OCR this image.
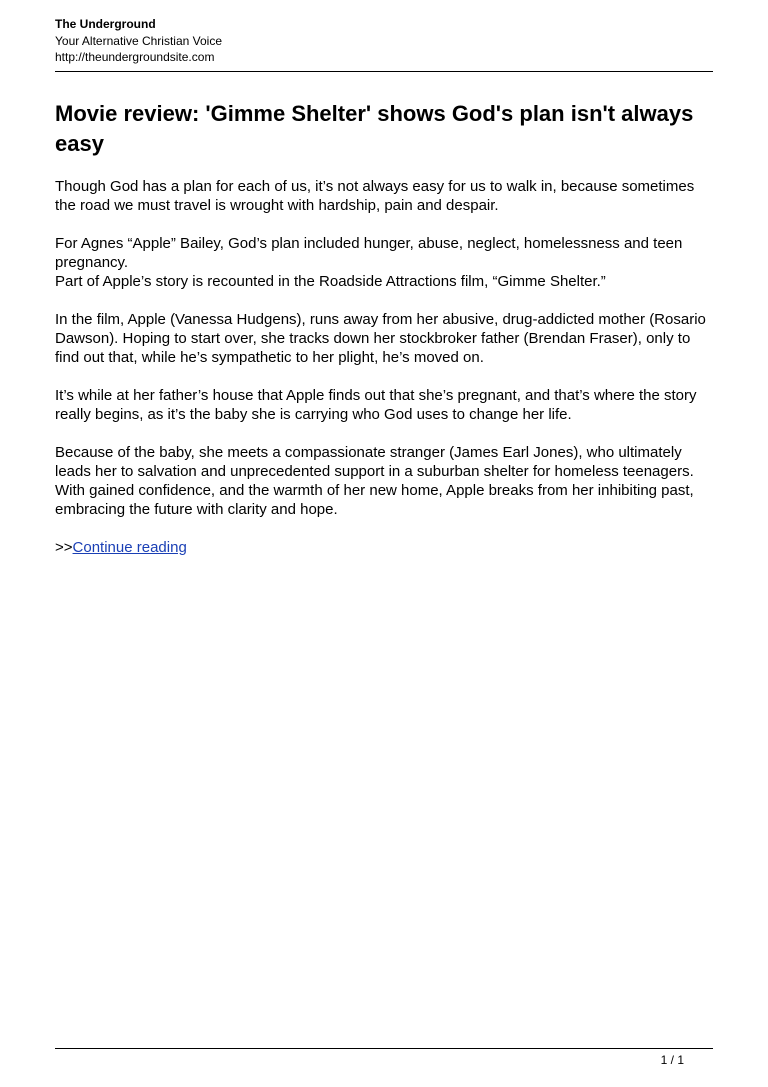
The Underground
Your Alternative Christian Voice
http://theundergroundsite.com
Movie review: 'Gimme Shelter' shows God's plan isn't always easy

Though God has a plan for each of us, it’s not always easy for us to walk in, because sometimes the road we must travel is wrought with hardship, pain and despair.

For Agnes “Apple” Bailey, God’s plan included hunger, abuse, neglect, homelessness and teen pregnancy.
Part of Apple’s story is recounted in the Roadside Attractions film, “Gimme Shelter.”

In the film, Apple (Vanessa Hudgens), runs away from her abusive, drug-addicted mother (Rosario Dawson). Hoping to start over, she tracks down her stockbroker father (Brendan Fraser), only to find out that, while he’s sympathetic to her plight, he’s moved on.

It’s while at her father’s house that Apple finds out that she’s pregnant, and that’s where the story really begins, as it’s the baby she is carrying who God uses to change her life.

Because of the baby, she meets a compassionate stranger (James Earl Jones), who ultimately leads her to salvation and unprecedented support in a suburban shelter for homeless teenagers. With gained confidence, and the warmth of her new home, Apple breaks from her inhibiting past, embracing the future with clarity and hope.

>>Continue reading

1 / 1
